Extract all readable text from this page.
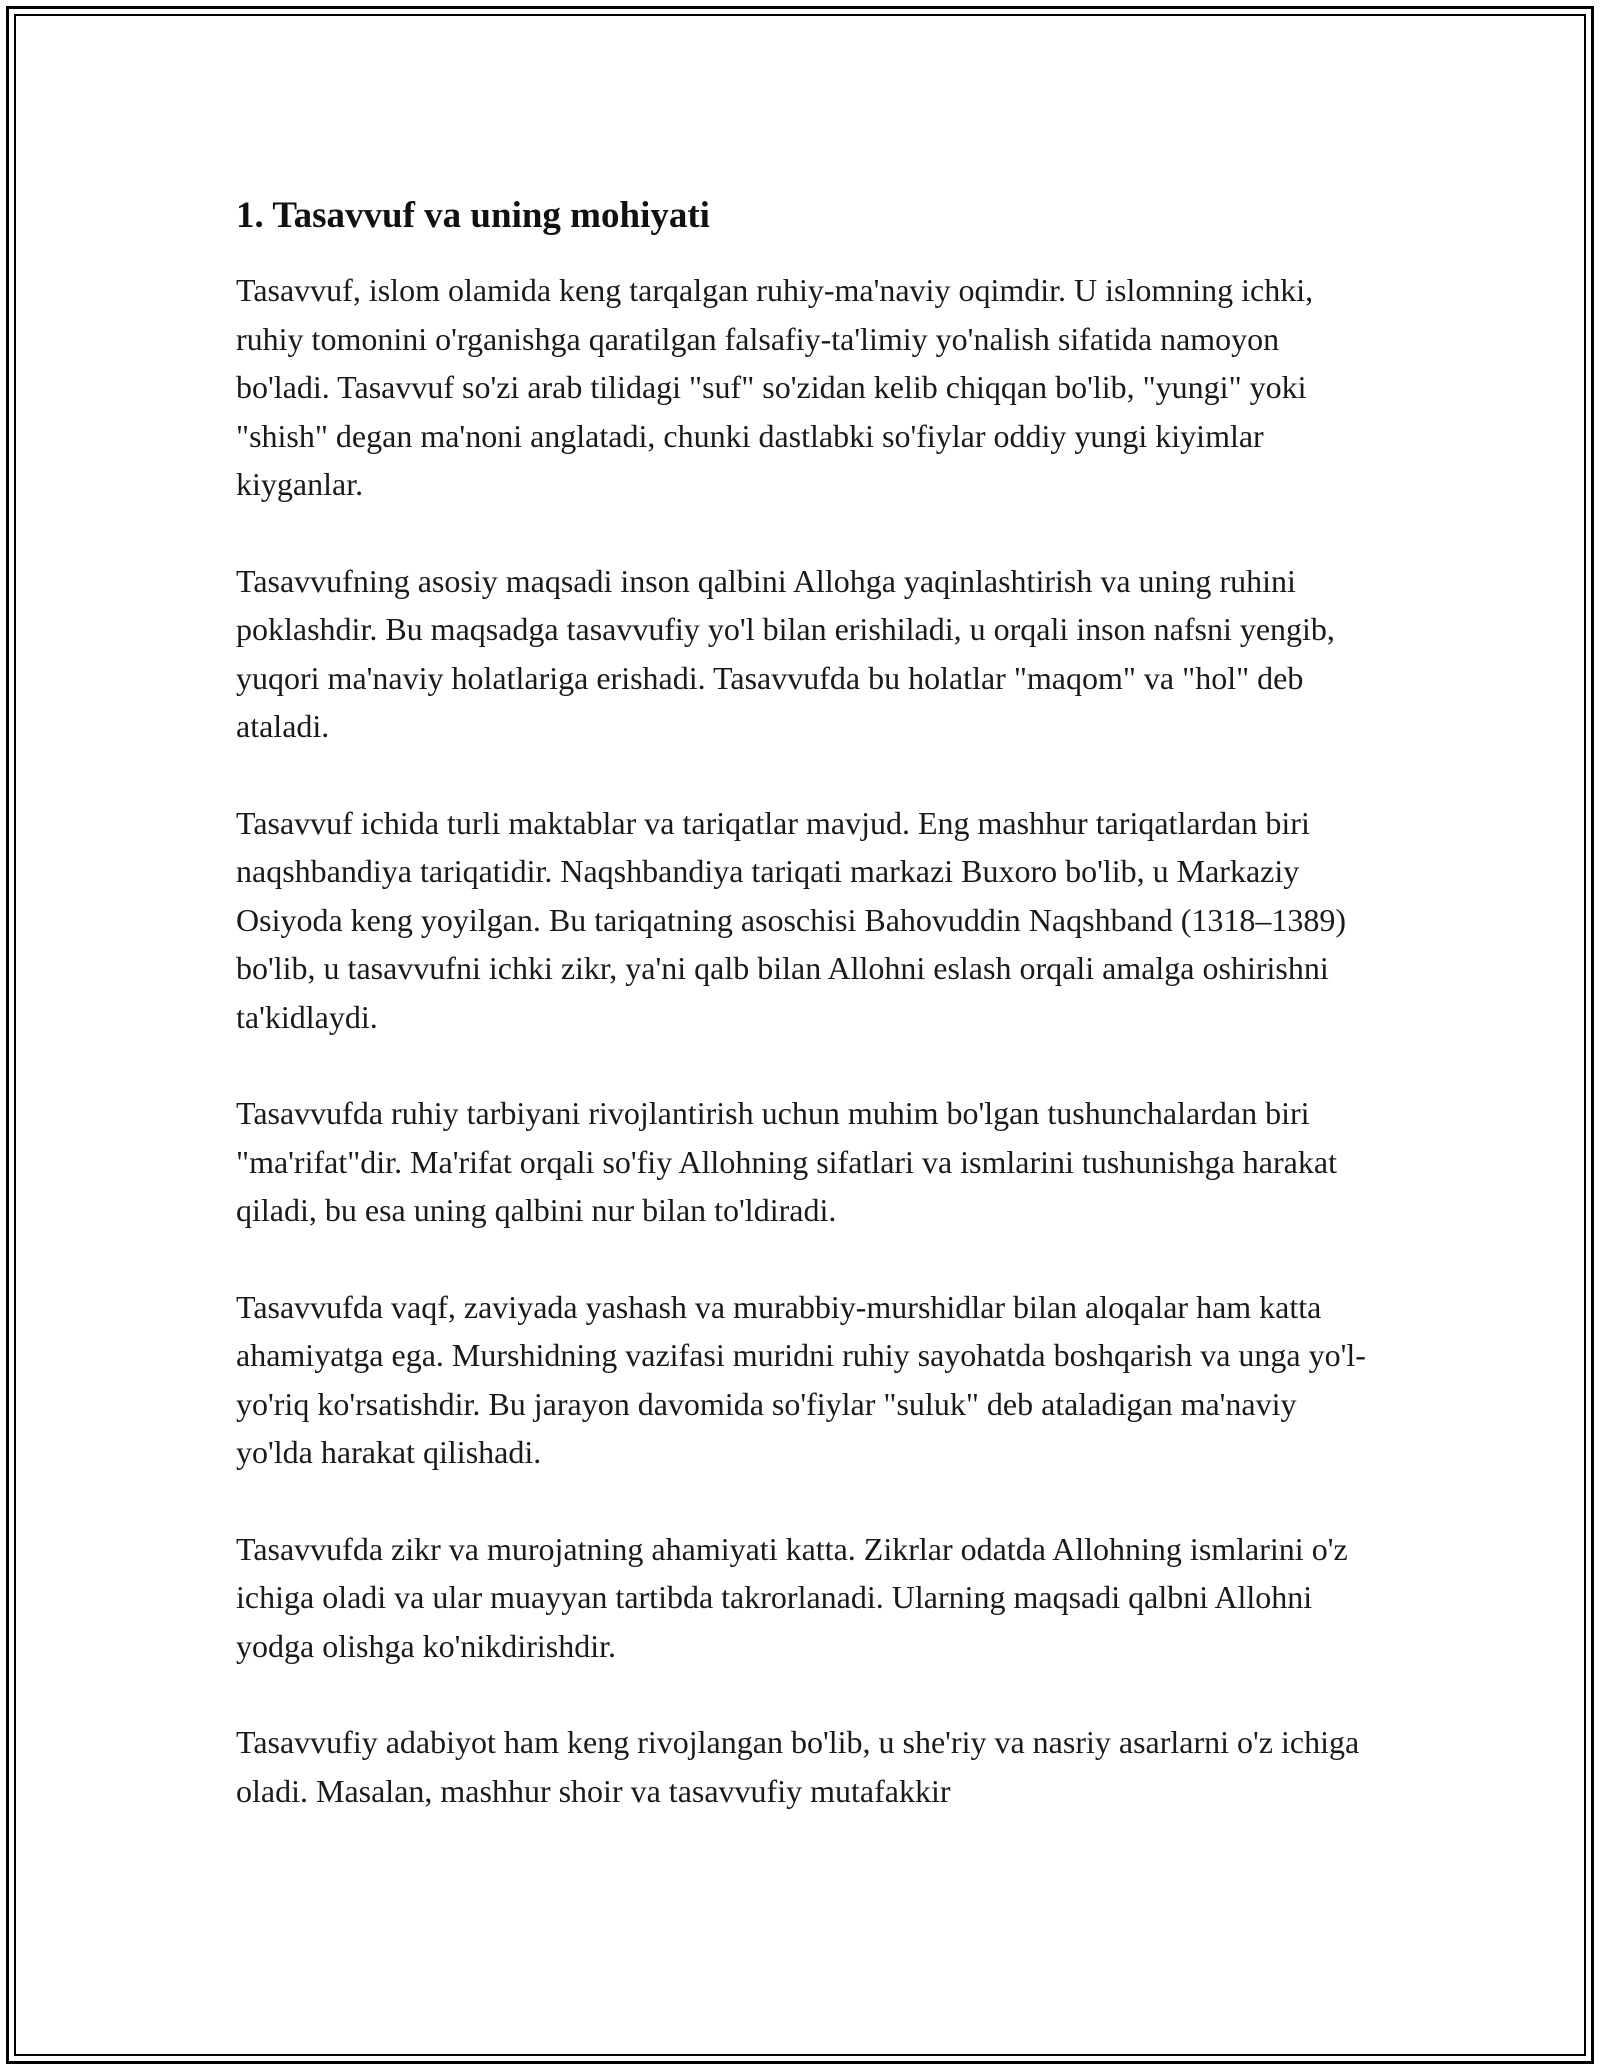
1. Tasavvuf va uning mohiyati

Tasavvuf, islom olamida keng tarqalgan ruhiy-ma'naviy oqimdir. U islomning ichki, ruhiy tomonini o'rganishga qaratilgan falsafiy-ta'limiy yo'nalish sifatida namoyon bo'ladi. Tasavvuf so'zi arab tilidagi "suf" so'zidan kelib chiqqan bo'lib, "yungi" yoki "shish" degan ma'noni anglatadi, chunki dastlabki so'fiylar oddiy yungi kiyimlar kiyganlar.

Tasavvufning asosiy maqsadi inson qalbini Allohga yaqinlashtirish va uning ruhini poklashdir. Bu maqsadga tasavvufiy yo'l bilan erishiladi, u orqali inson nafsni yengib, yuqori ma'naviy holatlariga erishadi. Tasavvufda bu holatlar "maqom" va "hol" deb ataladi.

Tasavvuf ichida turli maktablar va tariqatlar mavjud. Eng mashhur tariqatlardan biri naqshbandiya tariqatidir. Naqshbandiya tariqati markazi Buxoro bo'lib, u Markaziy Osiyoda keng yoyilgan. Bu tariqatning asoschisi Bahovuddin Naqshband (1318–1389) bo'lib, u tasavvufni ichki zikr, ya'ni qalb bilan Allohni eslash orqali amalga oshirishni ta'kidlaydi.

Tasavvufda ruhiy tarbiyani rivojlantirish uchun muhim bo'lgan tushunchalardan biri "ma'rifat"dir. Ma'rifat orqali so'fiy Allohning sifatlari va ismlarini tushunishga harakat qiladi, bu esa uning qalbini nur bilan to'ldiradi.

Tasavvufda vaqf, zaviyada yashash va murabbiy-murshidlar bilan aloqalar ham katta ahamiyatga ega. Murshidning vazifasi muridni ruhiy sayohatda boshqarish va unga yo'l-yo'riq ko'rsatishdir. Bu jarayon davomida so'fiylar "suluk" deb ataladigan ma'naviy yo'lda harakat qilishadi.

Tasavvufda zikr va murojatning ahamiyati katta. Zikrlar odatda Allohning ismlarini o'z ichiga oladi va ular muayyan tartibda takrorlanadi. Ularning maqsadi qalbni Allohni yodga olishga ko'nikdirishdir.

Tasavvufiy adabiyot ham keng rivojlangan bo'lib, u she'riy va nasriy asarlarni o'z ichiga oladi. Masalan, mashhur shoir va tasavvufiy mutafakkir
